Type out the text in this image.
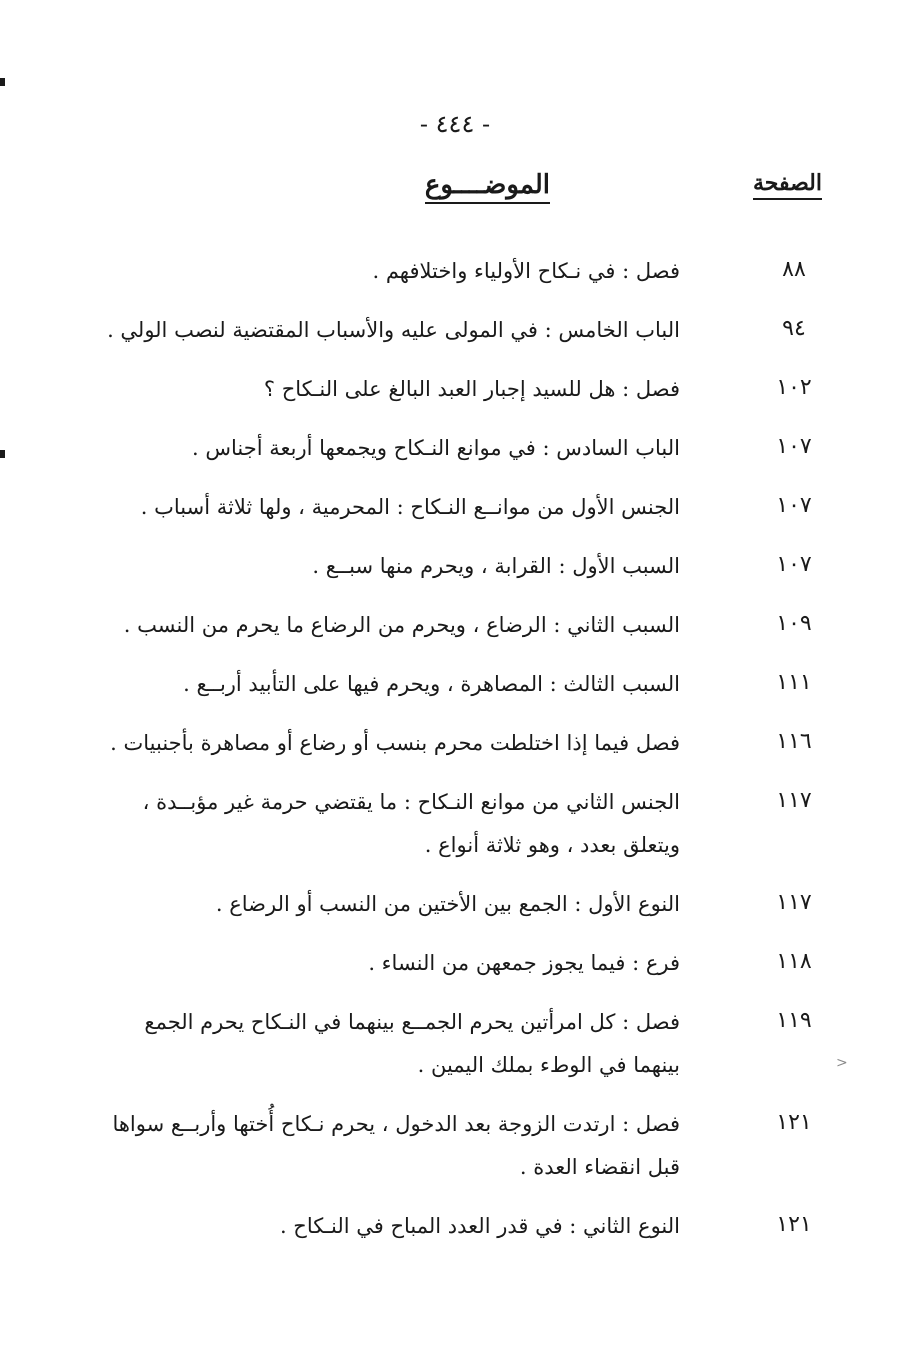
- ٤٤٤ -
الصفحة
الموضــــوع
٨٨
فصل : في نـكاح الأولياء واختلافهم .
٩٤
الباب الخامس : في المولى عليه والأسباب المقتضية لنصب الولي .
١٠٢
فصل : هل للسيد إجبار العبد البالغ على النـكاح ؟
١٠٧
الباب السادس : في موانع النـكاح ويجمعها أربعة أجناس .
١٠٧
الجنس الأول من موانــع النـكاح : المحرمية ، ولها ثلاثة أسباب .
١٠٧
السبب الأول : القرابة ، ويحرم منها سبــع .
١٠٩
السبب الثاني : الرضاع ، ويحرم من الرضاع ما يحرم من النسب .
١١١
السبب الثالث : المصاهرة ، ويحرم فيها على التأبيد أربــع .
١١٦
فصل فيما إذا اختلطت محرم بنسب أو رضاع أو مصاهرة بأجنبيات .
١١٧
الجنس الثاني من موانع النـكاح : ما يقتضي حرمة غير مؤبــدة ، ويتعلق بعدد ، وهو ثلاثة أنواع .
١١٧
النوع الأول : الجمع بين الأختين من النسب أو الرضاع .
١١٨
فرع : فيما يجوز جمعهن من النساء .
١١٩
فصل : كل امرأتين يحرم الجمــع بينهما في النـكاح يحرم الجمع بينهما في الوطء بملك اليمين .
١٢١
فصل : ارتدت الزوجة بعد الدخول ، يحرم نـكاح أُختها وأربــع سواها قبل انقضاء العدة .
١٢١
النوع الثاني : في قدر العدد المباح في النـكاح .
<
